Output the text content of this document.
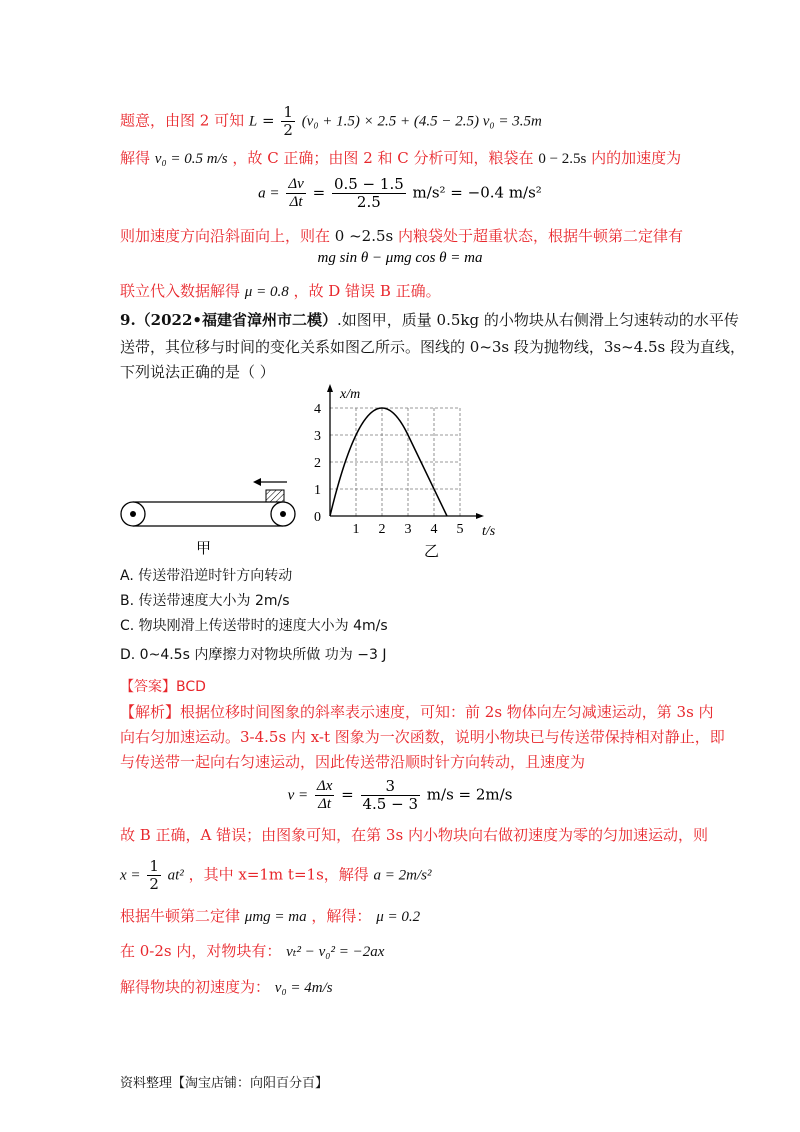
题意，由图 2 可知 $L = \frac{1}{2} (v_0 + 1.5) \times 2.5 + (4.5 - 2.5) v_0 = 3.5m$
解得 v₀ = 0.5 m/s ，故 C 正确；由图 2 和 C 分析可知，粮袋在 0 − 2.5s 内的加速度为
$a = \frac{\Delta v}{\Delta t} = \frac{0.5 - 1.5}{2.5} m/s^2 = -0.4$ m/s²
则加速度方向沿斜面向上，则在 0 ~2.5s 内粮袋处于超重状态，根据牛顿第二定律有
mg sin θ − μmg cos θ = ma
联立代入数据解得 μ = 0.8 ，故 D 错误 B 正确。
9.（2022•福建省漳州市二模）.如图甲，质量 0.5kg 的小物块从右侧滑上匀速转动的水平传
送带，其位移与时间的变化关系如图乙所示。图线的 0~3s 段为抛物线，3s~4.5s 段为直线，
下列说法正确的是（ ）
甲
1 2 3 4 5
0
1
2
3
4
x/m
t/s
乙
A. 传送带沿逆时针方向转动
B. 传送带速度大小为 2m/s
C. 物块刚滑上传送带时的速度大小为 4m/s
D. 0~4.5s 内摩擦力对物块所做 功为 −3 J
【答案】BCD
【解析】根据位移时间图象的斜率表示速度，可知：前 2s 物体向左匀减速运动，第 3s 内
向右匀加速运动。3-4.5s 内 x-t 图象为一次函数，说明小物块已与传送带保持相对静止，即
与传送带一起向右匀速运动，因此传送带沿顺时针方向转动，且速度为
$v = \frac{\Delta x}{\Delta t} = \frac{3}{4.5 - 3} m/s = 2m/s$
故 B 正确，A 错误；由图象可知，在第 3s 内小物块向右做初速度为零的匀加速运动，则
$x = \frac{1}{2} at^2$ ，其中 x=1m t=1s，解得 a = 2m/s²
根据牛顿第二定律 μmg = ma ，解得： μ = 0.2
在 0-2s 内，对物块有： vₜ² − v₀² = −2ax
解得物块的初速度为： v₀ = 4m/s
资料整理【淘宝店铺：向阳百分百】
